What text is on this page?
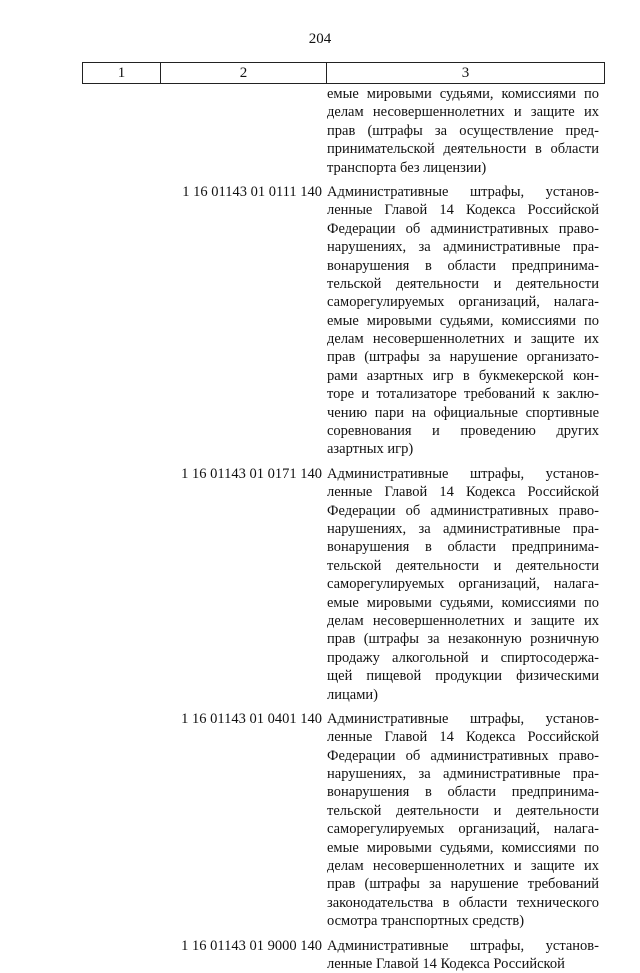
204
1	2	3
емые мировыми судьями, комиссиями по
делам несовершеннолетних и защите их
прав (штрафы за осуществление пред-
принимательской деятельности в области
транспорта без лицензии)
1 16 01143 01 0111 140 Административные штрафы, установ-
ленные Главой 14 Кодекса Российской
Федерации об административных право-
нарушениях, за административные пра-
вонарушения в области предпринима-
тельской деятельности и деятельности
саморегулируемых организаций, налага-
емые мировыми судьями, комиссиями по
делам несовершеннолетних и защите их
прав (штрафы за нарушение организато-
рами азартных игр в букмекерской кон-
торе и тотализаторе требований к заклю-
чению пари на официальные спортивные
соревнования и проведению других
азартных игр)
1 16 01143 01 0171 140 Административные штрафы, установ-
ленные Главой 14 Кодекса Российской
Федерации об административных право-
нарушениях, за административные пра-
вонарушения в области предпринима-
тельской деятельности и деятельности
саморегулируемых организаций, налага-
емые мировыми судьями, комиссиями по
делам несовершеннолетних и защите их
прав (штрафы за незаконную розничную
продажу алкогольной и спиртосодержа-
щей пищевой продукции физическими
лицами)
1 16 01143 01 0401 140 Административные штрафы, установ-
ленные Главой 14 Кодекса Российской
Федерации об административных право-
нарушениях, за административные пра-
вонарушения в области предпринима-
тельской деятельности и деятельности
саморегулируемых организаций, налага-
емые мировыми судьями, комиссиями по
делам несовершеннолетних и защите их
прав (штрафы за нарушение требований
законодательства в области технического
осмотра транспортных средств)
1 16 01143 01 9000 140 Административные штрафы, установ-
ленные Главой 14 Кодекса Российской
